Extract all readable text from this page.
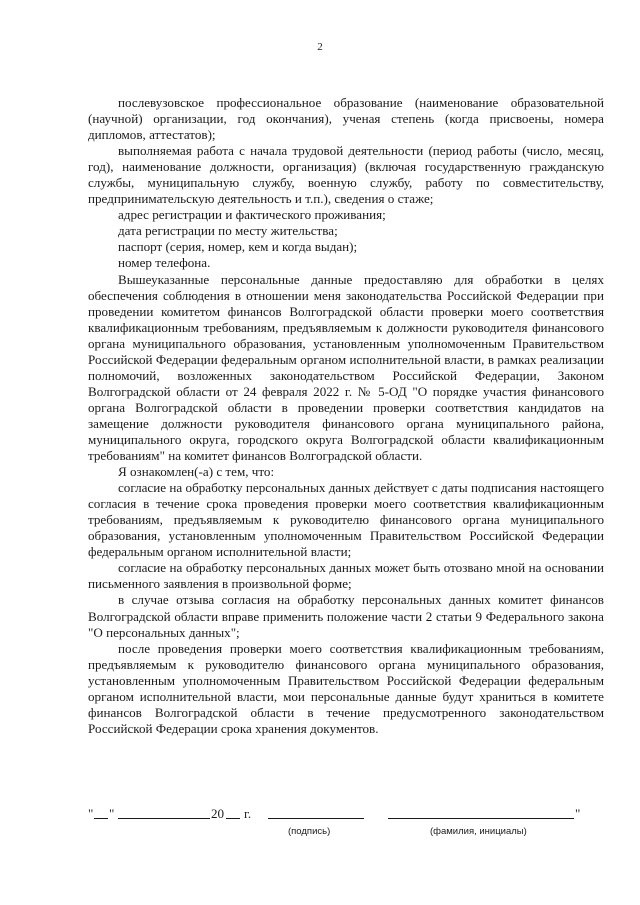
2

послевузовское профессиональное образование (наименование образовательной (научной) организации, год окончания), ученая степень (когда присвоены, номера дипломов, аттестатов);

выполняемая работа с начала трудовой деятельности (период работы (число, месяц, год), наименование должности, организация) (включая государственную гражданскую службы, муниципальную службу, военную службу, работу по совместительству, предпринимательскую деятельность и т.п.), сведения о стаже;

адрес регистрации и фактического проживания;

дата регистрации по месту жительства;

паспорт (серия, номер, кем и когда выдан);

номер телефона.

Вышеуказанные персональные данные предоставляю для обработки в целях обеспечения соблюдения в отношении меня законодательства Российской Федерации при проведении комитетом финансов Волгоградской области проверки моего соответствия квалификационным требованиям, предъявляемым к должности руководителя финансового органа муниципального образования, установленным уполномоченным Правительством Российской Федерации федеральным органом исполнительной власти, в рамках реализации полномочий, возложенных законодательством Российской Федерации, Законом Волгоградской области от 24 февраля 2022 г. № 5-ОД "О порядке участия финансового органа Волгоградской области в проведении проверки соответствия кандидатов на замещение должности руководителя финансового органа муниципального района, муниципального округа, городского округа Волгоградской области квалификационным требованиям" на комитет финансов Волгоградской области.

Я ознакомлен(-а) с тем, что:

согласие на обработку персональных данных действует с даты подписания настоящего согласия в течение срока проведения проверки моего соответствия квалификационным требованиям, предъявляемым к руководителю финансового органа муниципального образования, установленным уполномоченным Правительством Российской Федерации федеральным органом исполнительной власти;

согласие на обработку персональных данных может быть отозвано мной на основании письменного заявления в произвольной форме;

в случае отзыва согласия на обработку персональных данных комитет финансов Волгоградской области вправе применить положение части 2 статьи 9 Федерального закона "О персональных данных";

после проведения проверки моего соответствия квалификационным требованиям, предъявляемым к руководителю финансового органа муниципального образования, установленным уполномоченным Правительством Российской Федерации федеральным органом исполнительной власти, мои персональные данные будут храниться в комитете финансов Волгоградской области в течение предусмотренного законодательством Российской Федерации срока хранения документов.

" "	20 г.	"
(подпись)	(фамилия, инициалы)
